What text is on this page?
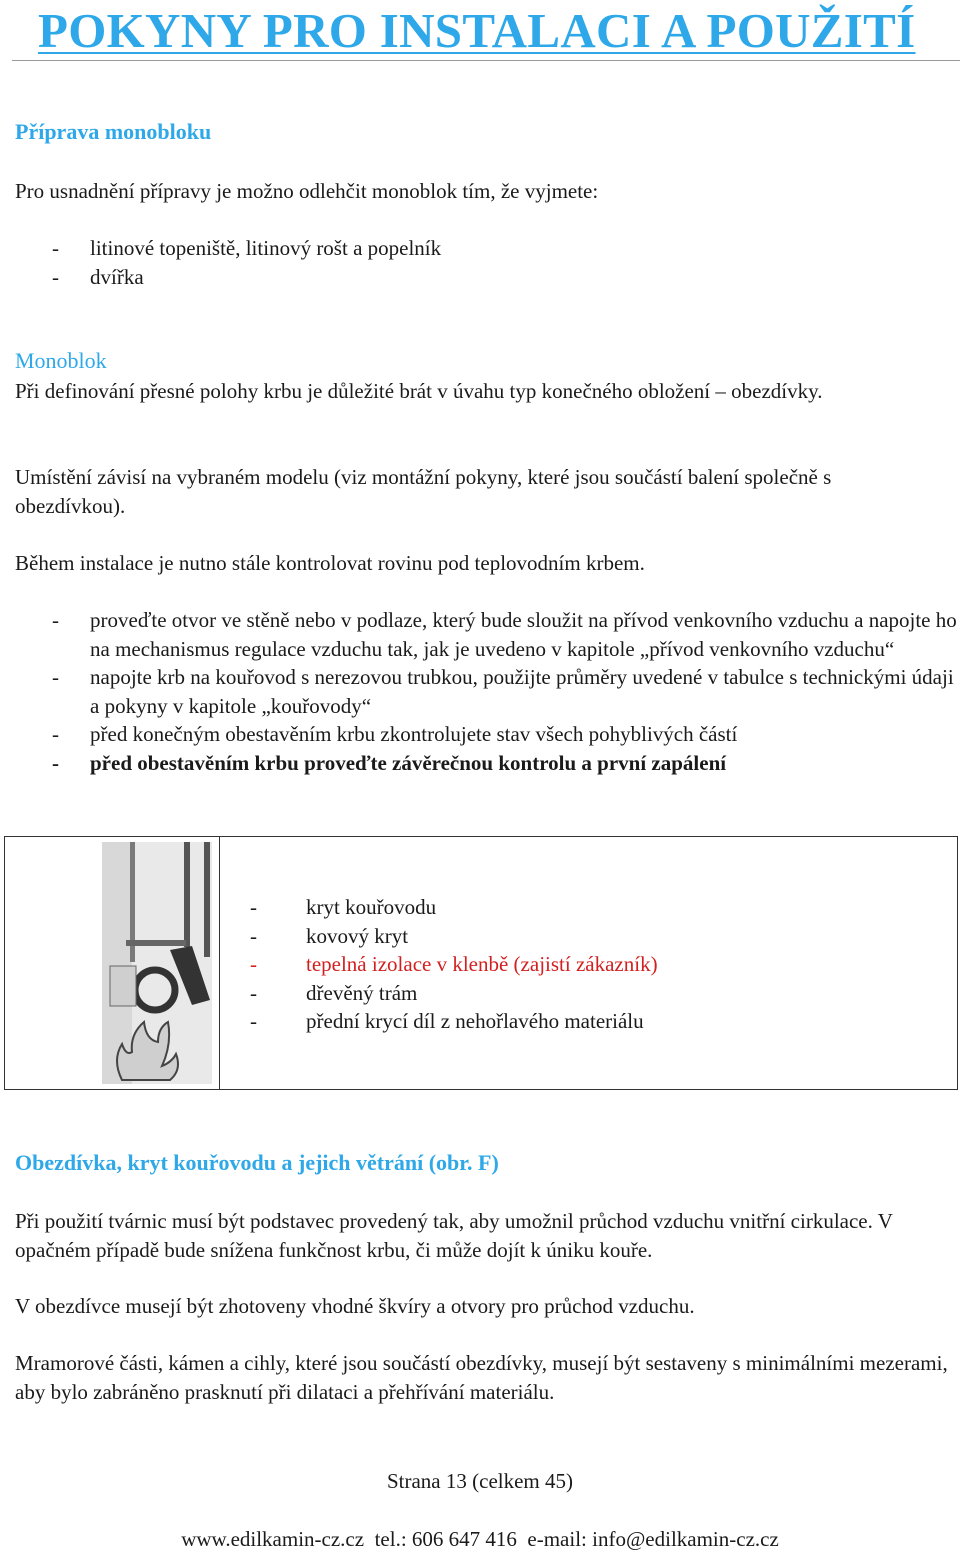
POKYNY PRO INSTALACI A POUŽITÍ
Příprava monobloku

Pro usnadnění přípravy je možno odlehčit monoblok tím, že vyjmete:

-	litinové topeniště, litinový rošt a popelník
-	dvířka
Monoblok

Při definování přesné polohy krbu je důležité brát v úvahu typ konečného obložení – obezdívky.

Umístění závisí na vybraném modelu (viz montážní pokyny, které jsou součástí balení společně s obezdívkou).

Během instalace je nutno stále kontrolovat rovinu pod teplovodním krbem.

-	proveďte otvor ve stěně nebo v podlaze, který bude sloužit na přívod venkovního vzduchu a napojte ho na mechanismus regulace vzduchu tak, jak je uvedeno v kapitole „přívod venkovního vzduchu“
-	napojte krb na kouřovod s nerezovou trubkou, použijte průměry uvedené v tabulce s technickými údaji a pokyny v kapitole „kouřovody“
-	před konečným obestavěním krbu zkontrolujete stav všech pohyblivých částí
-	před obestavěním krbu proveďte závěrečnou kontrolu a první zapálení
-	kryt kouřovodu
-	kovový kryt
-	tepelná izolace v klenbě (zajistí zákazník)
-	dřevěný trám
-	přední krycí díl z nehořlavého materiálu
Obezdívka, kryt kouřovodu a jejich větrání (obr. F)

Při použití tvárnic musí být podstavec provedený tak, aby umožnil průchod vzduchu vnitřní cirkulace. V opačném případě bude snížena funkčnost krbu, či může dojít k úniku kouře.

V obezdívce musejí být zhotoveny vhodné škvíry a otvory pro průchod vzduchu.

Mramorové části, kámen a cihly, které jsou součástí obezdívky, musejí být sestaveny s minimálními mezerami, aby bylo zabráněno prasknutí při dilataci a přehřívání materiálu.

Strana 13 (celkem 45)
www.edilkamin-cz.cz  tel.: 606 647 416  e-mail: info@edilkamin-cz.cz
